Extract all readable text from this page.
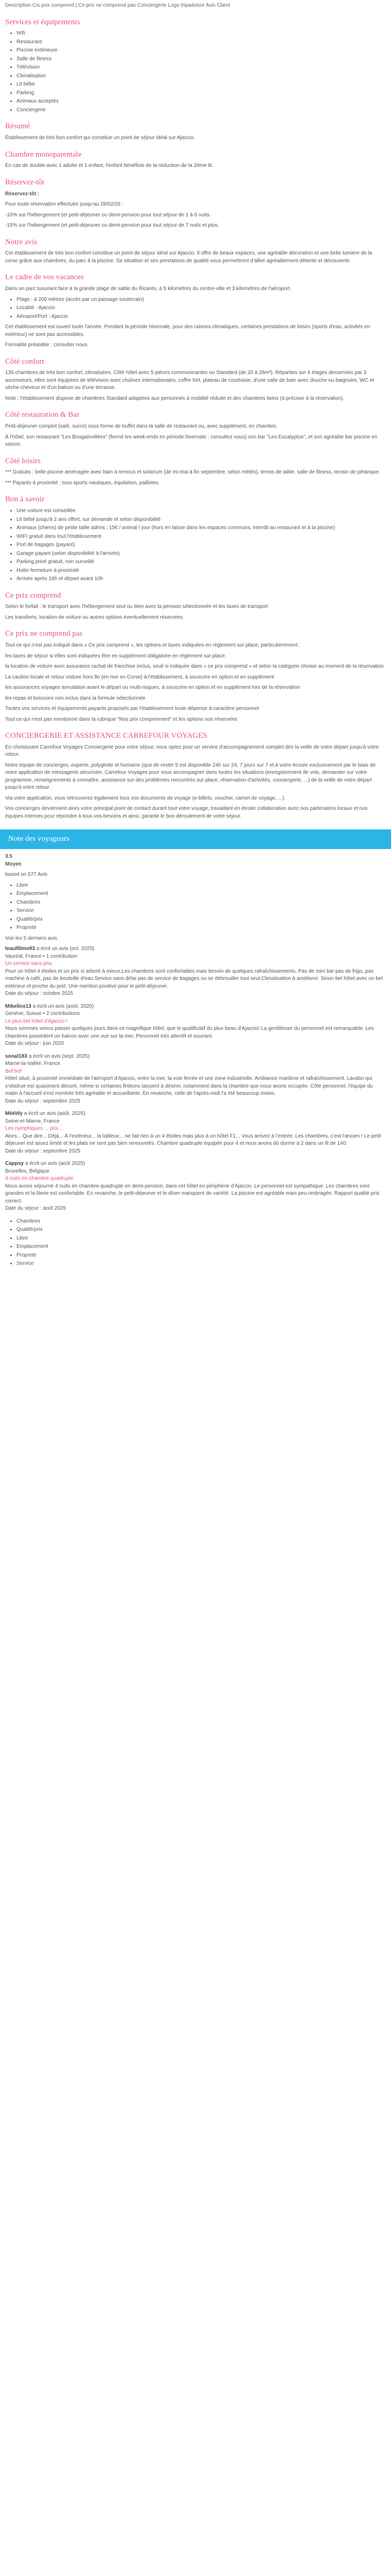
Description Cis prix comprend | Ce prix ne comprend pas Conciergerie Logo tripadvisor Avis Client
Services et équipements
• Wifi
• Restaurant
• Piscine extérieure
• Salle de fitness
• Télévision
• Climatisation
• Lit bébé
• Parking
• Animaux acceptés
• Conciergerie
Résumé

Établissement de très bon confort qui constitue un point de séjour idéal sur Ajaccio.

Chambre monoparentale

En cas de double avec 1 adulte et 1 enfant, l'enfant bénéficie de la réduction de la 2ème lit.

Réservez-tôt

Réservez-tôt :

Pour toute réservation effectuée jusqu'au 28/02/26 :

-10% sur l'hébergement (et petit-déjeuner ou demi-pension pour tout séjour de 1 à 6 nuits.

-15% sur l'hébergement (et petit-déjeuner ou demi-pension pour tout séjour de 7 nuits et plus.

Notre avis

Cet établissement de très bon confort constitue un point de séjour idéal sur Ajaccio. Il offre de beaux espaces, une agréable décoration et une belle lumière de la corse grâce aux chambres, du parc à la piscine. Sa situation et ses prestations de qualité vous permettront d'allier agréablement détente et découverte.

Le cadre de vos vacances

Dans un parc luxuriant face à la grande plage de sable du Ricanto, à 5 kilomètres du centre-ville et 3 kilomètres de l'aéroport.

• Plage : à 200 mètres (accès par un passage souterrain)
• Localité : Ajaccio
• Aéroport/Port : Ajaccio

Cet établissement est ouvert toute l'année. Pendant la période hivernale, pour des raisons climatiques, certaines prestations de loisirs (sports d'eau, activités en extérieur) ne sont pas accessibles.

Formalité préalable : consulter nous.

Côté confort

136 chambres de très bon confort, climatisées. Côté hôtel avec 5 pièces communicantes ou Standard (de 20 à 28m²). Réparties sur 4 étages desservies par 3 ascenseurs, elles sont équipées de télévision avec chaînes internationales, coffre fort, plateau de courtoisie, d'une salle de bain avec douche ou baignoire, WC et sèche-cheveux et d'un balcon ou d'une terrasse.

Note : l'établissement dispose de chambres Standard adaptées aux personnes à mobilité réduite et des chambres twins (à préciser à la réservation).

Côté restauration & Bar

Petit-déjeuner complet (salé, sucré) sous forme de buffet dans la salle de restaurant ou, avec supplément, en chambre.

À l'hôtel, son restaurant "Les Bougainvillées" (fermé les week-ends en période hivernale : consultez nous) son bar "Les Eucalyptus", et son agréable bar piscine en saison.

Côté loisirs

*** Gratuits : belle piscine aménagée avec bain à remous et solarium (de mi-mai à fin septembre, selon météo), tennis de table, salle de fitness, terrain de pétanque.

*** Payants à proximité : tous sports nautiques, équitation, paillotes.

Bon à savoir
• Une voiture est conseillée
• Lit bébé jusqu'à 2 ans offert, sur demande et selon disponibilité
• Animaux (chiens) de petite taille admis : 15€ / animal / jour (hors en laisse dans les espaces communs, interdit au restaurant et à la piscine)
• WIFI gratuit dans tout l'établissement
• Port de bagages (payant)
• Garage payant (selon disponibilité à l'arrivée)
• Parking privé gratuit, non surveillé
• Hotte fermeture à proximité
• Arrivée après 16h et départ avant 10h
Ce prix comprend

Selon le forfait : le transport avec l'hébergement seul ou bien avec la pension sélectionnée et les taxes de transport

Les transferts, location de voiture ou autres options éventuellement réservées.

Ce prix ne comprend pas

Tout ce qui n'est pas indiqué dans « Ce prix comprend », les options et taxes indiquées en règlement sur place, particulièrement :

les taxes de séjour si elles sont indiquées être en supplément obligatoire en règlement sur place.

la location de voiture avec assurance rachat de franchise inclus, seuil si indiquée dans « ce prix comprend » et selon la catégorie choisie au moment de la réservation

La caution locale et retour voiture hors île (en rive en Corse) à l'établissement, à souscrire en option et en supplément

les assurances voyages annulation avant le départ ou multi-risques, à souscrire en option et en supplément lors de la réservation

les repas et boissons non inclus dans la formule sélectionnée

Toutes vos services et équipements payants proposés par l'établissement toute dépense à caractère personnel

Tout ce qui n'est pas mentionné dans la rubrique "Nos prix comprennent" et les options non réservées

CONCIERGERIE ET ASSISTANCE CARREFOUR VOYAGES

En choisissant Carrefour Voyages Conciergerie pour votre séjour, vous optez pour un service d'accompagnement complet dès la veille de votre départ jusqu'à votre retour.

Notre équipe de concierges, experte, polyglotte et humaine (que de rester 5 est disponible 24h sur 24, 7 jours sur 7 et à votre écoute exclusivement par le biais de notre application de messagerie sécurisée, Carrefour Voyages pour vous accompagner dans toutes les situations (enregistrement de vols, demander sur votre programme, renseignements à connaître, assistance sur des problèmes rencontrés sur place, réservation d'activités, conciergerie, ...) de la veille de votre départ jusqu'à votre retour.

Via votre application, vous retrouverez également tous vos documents de voyage (e-billets, voucher, carnet de voyage, ...).

Vos concierges deviennent alors votre principal point de contact durant tout votre voyage, travaillant en étroite collaboration avec nos partenaires locaux et nos équipes internes pour répondre à tous vos besoins et ainsi, garantir le bon déroulement de votre séjour.

Note des voyageurs

3.5
Moyen

based on 577 Avis

• Libre
• Emplacement
• Chambres
• Service
• Qualité/prix
• Propreté

Voir les 5 derniers avis.

leaulfilmo93 a écrit un avis (oct. 2025)
Vauréal, France • 1 contribution
Un service sans prix.
Pour un hôtel 4 étoiles et un prix si arboré à mieux.Les chambres sont confortables mais besoin de quelques rafraîchissements. Pas de mini bar pas de frigo, pas machine à café, pas de bouteille d'eau.Service sans délai pas de service de bagages ou se débrouiller tout seul.Climatisation à améliorer. Sinon bel hôtel avec un bel extérieur et proche du port. Une mention positive pour le petit-déjeuner.
Date du séjour : octobre 2025
Mikelinx13 a écrit un avis (août. 2020)
Genève, Suisse • 2 contributions
Le plus bel hôtel d'Ajaccio !
Nous sommes venus passer quelques jours dans ce magnifique hôtel, que le qualificatif du plus beau d'Ajaccio! La gentillesse du personnel est remarquable. Les chambres possèdent un balcon avec une vue sur la mer. Personnel très attentif et souriant.
Date du séjour : juin 2020
sonal183 a écrit un avis (sept. 2025)
Marne-la-Vallée, France
Bof bof
Hôtel situé, à proximité immédiate de l'aéroport d'Ajaccio, entre la mer, la voie ferrée et une zone industrielle. Ambiance maritime et rafraîchissement. Lavabo qui s'obstrue est quasiment décoré, même si certaines finitions laissent à désirer, notamment dans la chambre que nous avons occupée. Côté personnel, l'équipe du matin à l'accueil s'est montrée très agréable et accueillante. En revanche, celle de l'après-midi l'a été beaucoup moins.
Date du séjour : septembre 2025
Mééïdy a écrit un avis (août. 2025)
Seine-et-Marne, France
Les nymphiques ... prix...
Alors... Que dire... Déjà... À l'extérieur... la tableux... ne fait rien à un 4 étoiles mais plus à un hôtel F1... Vous arrivez à l'entrée. Les chambres, c'est l'ancien ! Le petit déjeuner est assez limité et les plats ne sont pas bien renouvelés. Chambre quadruple équipée pour 4 et nous avons dû dormir à 2 dans un lit de 140.
Date du séjour : septembre 2025
Cappsy a écrit un avis (août 2025)
Bruxelles, Belgique
4 nuits en chambre quadruple
Nous avons séjourné 4 nuits en chambre quadruple en demi-pension, dans cet hôtel en périphérie d'Ajaccio. Le personnel est sympathique. Les chambres sont grandes et la literie est confortable. En revanche, le petit-déjeuner et le dîner manquent de variété. La piscine est agréable mais peu ombragée. Rapport qualité-prix correct.
Date du séjour : août 2025
• Chambres
• Qualité/prix
• Libre
• Emplacement
• Propreté
• Service
